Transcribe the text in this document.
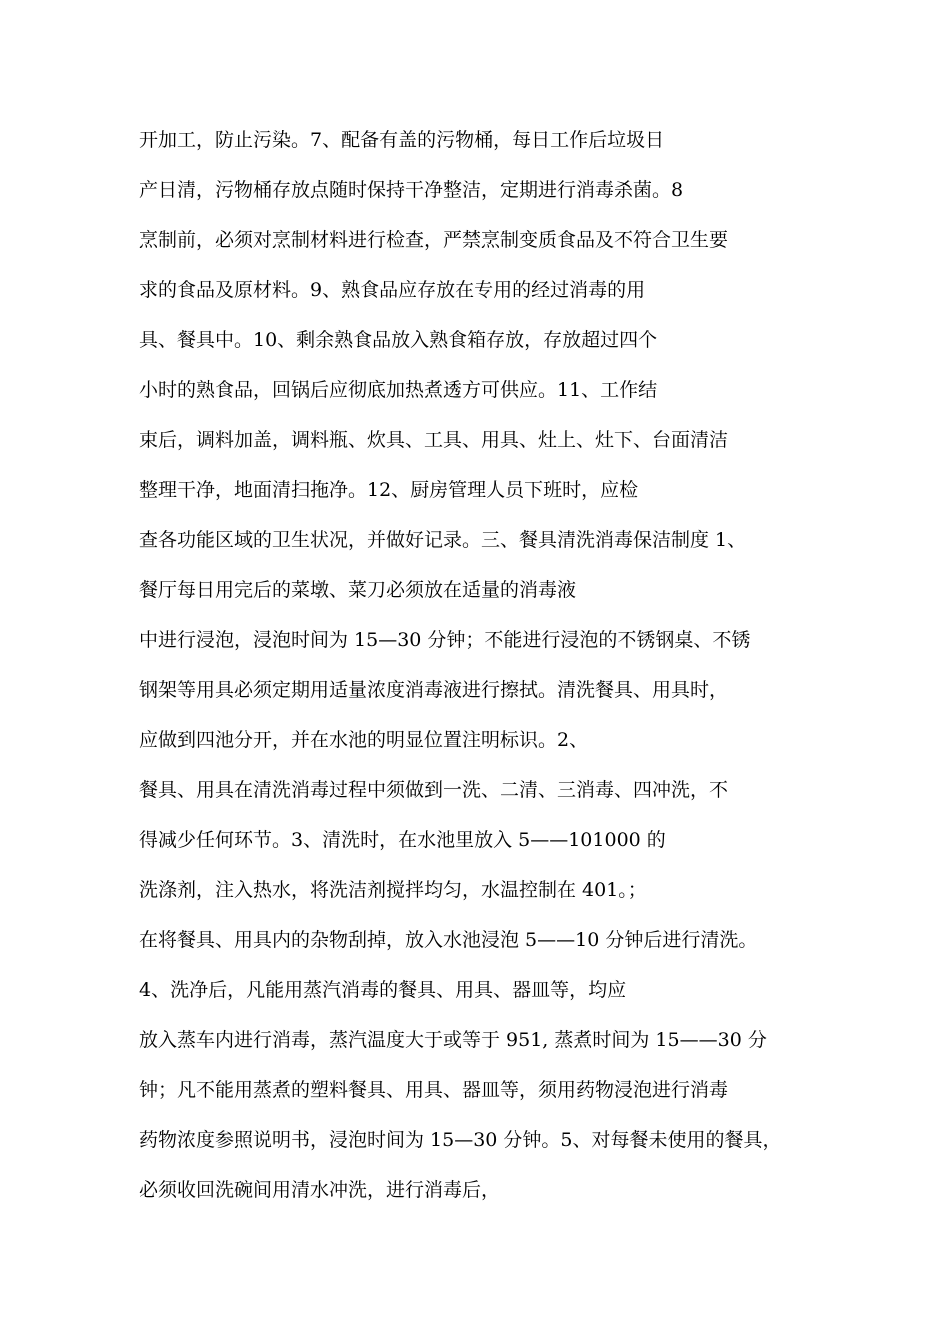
开加工，防止污染。7、配备有盖的污物桶，每日工作后垃圾日
产日清，污物桶存放点随时保持干净整洁，定期进行消毒杀菌。8
烹制前，必须对烹制材料进行检查，严禁烹制变质食品及不符合卫生要
求的食品及原材料。9、熟食品应存放在专用的经过消毒的用
具、餐具中。10、剩余熟食品放入熟食箱存放，存放超过四个
小时的熟食品，回锅后应彻底加热煮透方可供应。11、工作结
束后，调料加盖，调料瓶、炊具、工具、用具、灶上、灶下、台面清洁
整理干净，地面清扫拖净。12、厨房管理人员下班时，应检
查各功能区域的卫生状况，并做好记录。三、餐具清洗消毒保洁制度 1、
餐厅每日用完后的菜墩、菜刀必须放在适量的消毒液
中进行浸泡，浸泡时间为 15—30 分钟；不能进行浸泡的不锈钢桌、不锈
钢架等用具必须定期用适量浓度消毒液进行擦拭。清洗餐具、用具时，
应做到四池分开，并在水池的明显位置注明标识。2、
餐具、用具在清洗消毒过程中须做到一洗、二清、三消毒、四冲洗，不
得减少任何环节。3、清洗时，在水池里放入 5——101000 的
洗涤剂，注入热水，将洗洁剂搅拌均匀，水温控制在 401。；
在将餐具、用具内的杂物刮掉，放入水池浸泡 5——10 分钟后进行清洗。
4、洗净后，凡能用蒸汽消毒的餐具、用具、器皿等，均应
放入蒸车内进行消毒，蒸汽温度大于或等于 951, 蒸煮时间为 15——30 分
钟；凡不能用蒸煮的塑料餐具、用具、器皿等，须用药物浸泡进行消毒
药物浓度参照说明书，浸泡时间为 15—30 分钟。5、对每餐未使用的餐具，
必须收回洗碗间用清水冲洗，进行消毒后，
